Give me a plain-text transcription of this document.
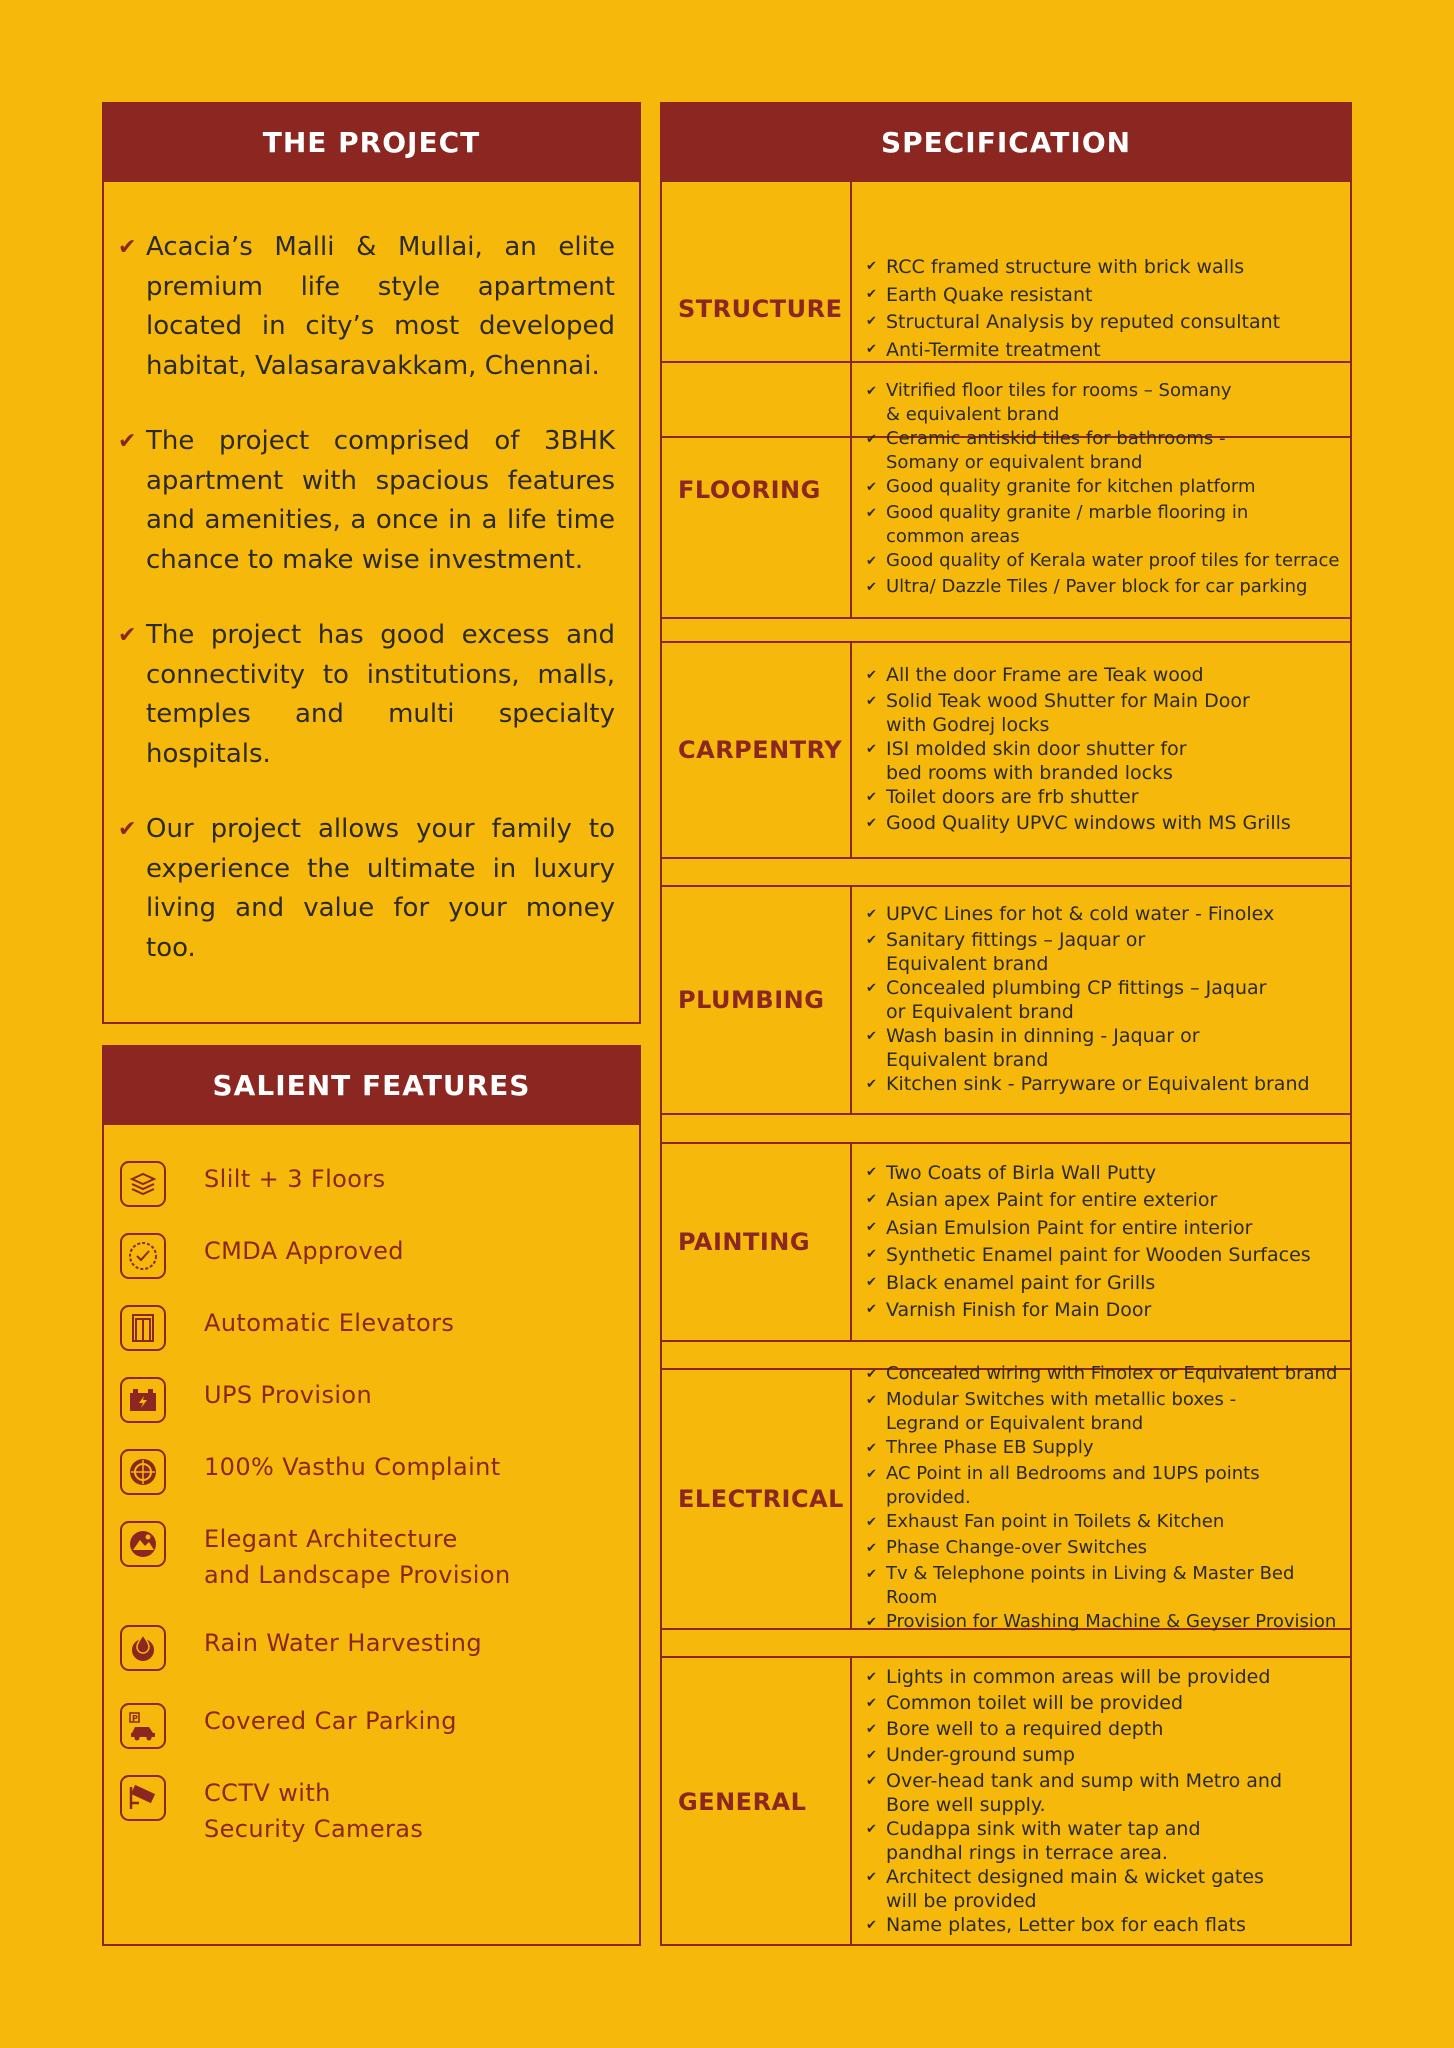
THE PROJECT
✔ Acacia’s Malli & Mullai, an elite premium life style apartment located in city’s most developed habitat, Valasaravakkam, Chennai.
✔ The project comprised of 3BHK apartment with spacious features and amenities, a once in a life time chance to make wise investment.
✔ The project has good excess and connectivity to institutions, malls, temples and multi specialty hospitals.
✔ Our project allows your family to experience the ultimate in luxury living and value for your money too.
SALIENT FEATURES
Slilt + 3 Floors
CMDA Approved
Automatic Elevators
UPS Provision
100% Vasthu Complaint
Elegant Architecture
and Landscape Provision
Rain Water Harvesting
P	Covered Car Parking
CCTV with
Security Cameras
SPECIFICATION
STRUCTURE
✔ RCC framed structure with brick walls
✔ Earth Quake resistant
✔ Structural Analysis by reputed consultant
✔ Anti-Termite treatment
FLOORING
✔ Vitrified floor tiles for rooms – Somany
& equivalent brand
✔ Ceramic antiskid tiles for bathrooms -
Somany or equivalent brand
✔ Good quality granite for kitchen platform
✔ Good quality granite / marble flooring in
common areas
✔ Good quality of Kerala water proof tiles for terrace
✔ Ultra/ Dazzle Tiles / Paver block for car parking
CARPENTRY
✔ All the door Frame are Teak wood
✔ Solid Teak wood Shutter for Main Door
with Godrej locks
✔ ISI molded skin door shutter for
bed rooms with branded locks
✔ Toilet doors are frb shutter
✔ Good Quality UPVC windows with MS Grills
PLUMBING
✔ UPVC Lines for hot & cold water - Finolex
✔ Sanitary fittings – Jaquar or
Equivalent brand
✔ Concealed plumbing CP fittings – Jaquar
or Equivalent brand
✔ Wash basin in dinning - Jaquar or
Equivalent brand
✔ Kitchen sink - Parryware or Equivalent brand
PAINTING
✔ Two Coats of Birla Wall Putty
✔ Asian apex Paint for entire exterior
✔ Asian Emulsion Paint for entire interior
✔ Synthetic Enamel paint for Wooden Surfaces
✔ Black enamel paint for Grills
✔ Varnish Finish for Main Door
ELECTRICAL
✔ Concealed wiring with Finolex or Equivalent brand
✔ Modular Switches with metallic boxes -
Legrand or Equivalent brand
✔ Three Phase EB Supply
✔ AC Point in all Bedrooms and 1UPS points provided.
✔ Exhaust Fan point in Toilets & Kitchen
✔ Phase Change-over Switches
✔ Tv & Telephone points in Living & Master Bed Room
✔ Provision for Washing Machine & Geyser Provision
GENERAL
✔ Lights in common areas will be provided
✔ Common toilet will be provided
✔ Bore well to a required depth
✔ Under-ground sump
✔ Over-head tank and sump with Metro and
Bore well supply.
✔ Cudappa sink with water tap and
pandhal rings in terrace area.
✔ Architect designed main & wicket gates
will be provided
✔ Name plates, Letter box for each flats
